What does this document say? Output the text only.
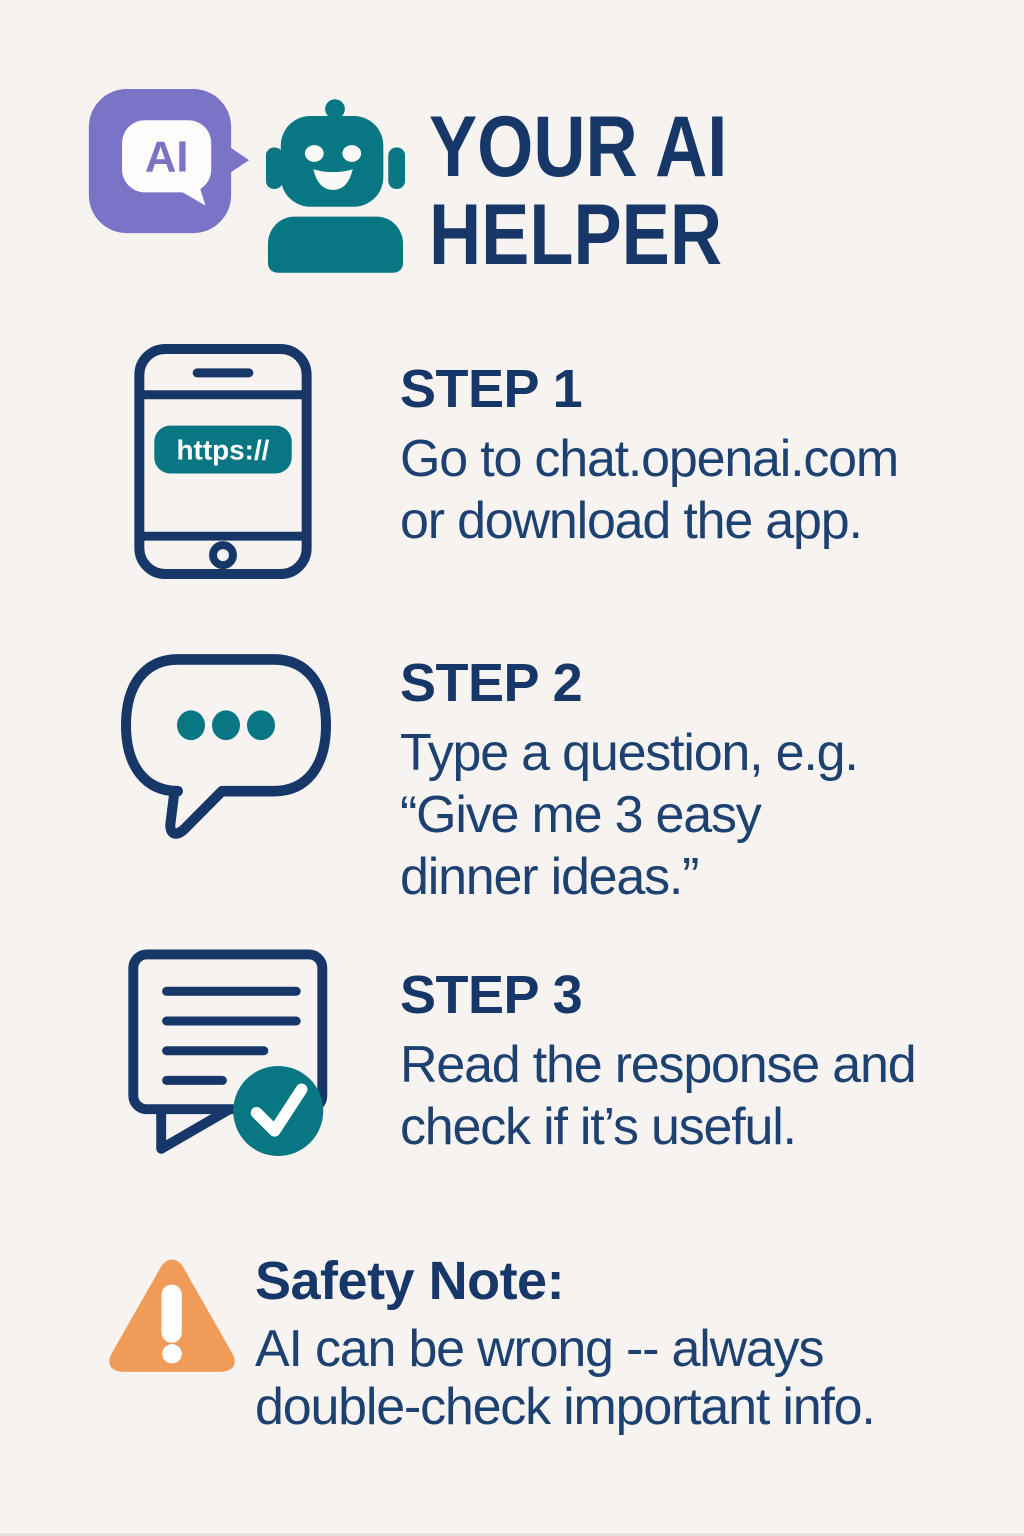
AI	YOUR AI
HELPER
https://
STEP 1
Go to chat.openai.com
or download the app.
STEP 2
Type a question, e.g.
“Give me 3 easy
dinner ideas.”
STEP 3
Read the response and
check if it’s useful.
Safety Note:
AI can be wrong -- always
double-check important info.
